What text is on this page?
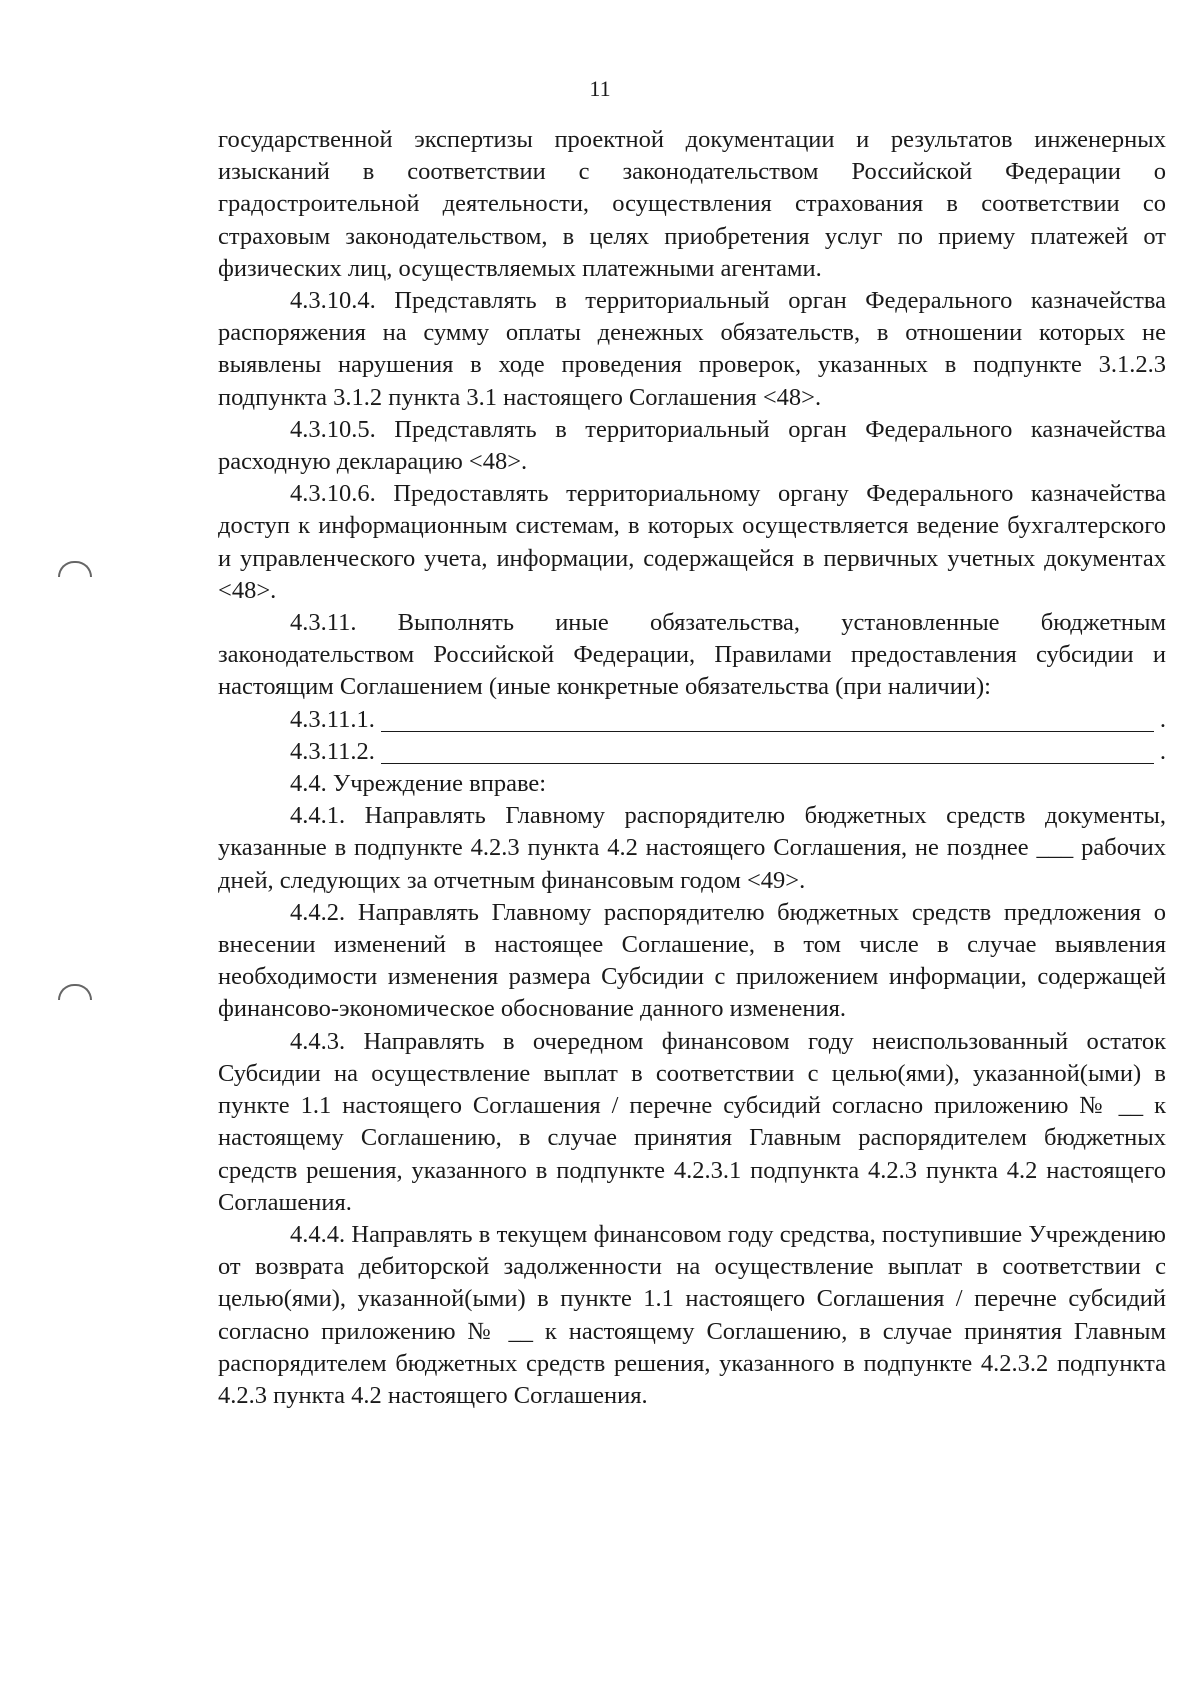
11

государственной экспертизы проектной документации и результатов инженерных изысканий в соответствии с законодательством Российской Федерации о градостроительной деятельности, осуществления страхования в соответствии со страховым законодательством, в целях приобретения услуг по приему платежей от физических лиц, осуществляемых платежными агентами.

4.3.10.4. Представлять в территориальный орган Федерального казначейства распоряжения на сумму оплаты денежных обязательств, в отношении которых не выявлены нарушения в ходе проведения проверок, указанных в подпункте 3.1.2.3 подпункта 3.1.2 пункта 3.1 настоящего Соглашения <48>.

4.3.10.5. Представлять в территориальный орган Федерального казначейства расходную декларацию <48>.

4.3.10.6. Предоставлять территориальному органу Федерального казначейства доступ к информационным системам, в которых осуществляется ведение бухгалтерского и управленческого учета, информации, содержащейся в первичных учетных документах <48>.

4.3.11. Выполнять иные обязательства, установленные бюджетным законодательством Российской Федерации, Правилами предоставления субсидии и настоящим Соглашением (иные конкретные обязательства (при наличии):

4.3.11.1.	.
4.3.11.2.	.

4.4. Учреждение вправе:

4.4.1. Направлять Главному распорядителю бюджетных средств документы, указанные в подпункте 4.2.3 пункта 4.2 настоящего Соглашения, не позднее ___ рабочих дней, следующих за отчетным финансовым годом <49>.

4.4.2. Направлять Главному распорядителю бюджетных средств предложения о внесении изменений в настоящее Соглашение, в том числе в случае выявления необходимости изменения размера Субсидии с приложением информации, содержащей финансово-экономическое обоснование данного изменения.

4.4.3. Направлять в очередном финансовом году неиспользованный остаток Субсидии на осуществление выплат в соответствии с целью(ями), указанной(ыми) в пункте 1.1 настоящего Соглашения / перечне субсидий согласно приложению № __ к настоящему Соглашению, в случае принятия Главным распорядителем бюджетных средств решения, указанного в подпункте 4.2.3.1 подпункта 4.2.3 пункта 4.2 настоящего Соглашения.

4.4.4. Направлять в текущем финансовом году средства, поступившие Учреждению от возврата дебиторской задолженности на осуществление выплат в соответствии с целью(ями), указанной(ыми) в пункте 1.1 настоящего Соглашения / перечне субсидий согласно приложению № __ к настоящему Соглашению, в случае принятия Главным распорядителем бюджетных средств решения, указанного в подпункте 4.2.3.2 подпункта 4.2.3 пункта 4.2 настоящего Соглашения.
